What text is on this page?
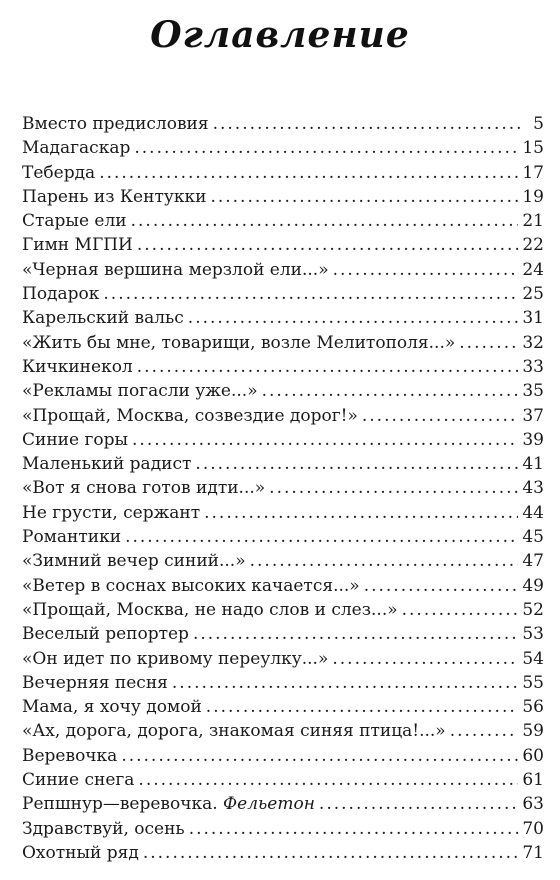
Оглавление
Вместо предисловия .....	5
Мадагаскар .....	15
Теберда .....	17
Парень из Кентукки .....	19
Старые ели .....	21
Гимн МГПИ .....	22
«Черная вершина мерзлой ели...» .....	24
Подарок .....	25
Карельский вальс .....	31
«Жить бы мне, товарищи, возле Мелитополя...» .....	32
Кичкинекол .....	33
«Рекламы погасли уже...» .....	35
«Прощай, Москва, созвездие дорог!» .....	37
Синие горы .....	39
Маленький радист .....	41
«Вот я снова готов идти...» .....	43
Не грусти, сержант .....	44
Романтики .....	45
«Зимний вечер синий...» .....	47
«Ветер в соснах высоких качается...» .....	49
«Прощай, Москва, не надо слов и слез...» .....	52
Веселый репортер .....	53
«Он идет по кривому переулку...» .....	54
Вечерняя песня .....	55
Мама, я хочу домой .....	56
«Ах, дорога, дорога, знакомая синяя птица!...» .....	59
Веревочка .....	60
Синие снега .....	61
Репшнур—веревочка. Фельетон .....	63
Здравствуй, осень .....	70
Охотный ряд .....	71
